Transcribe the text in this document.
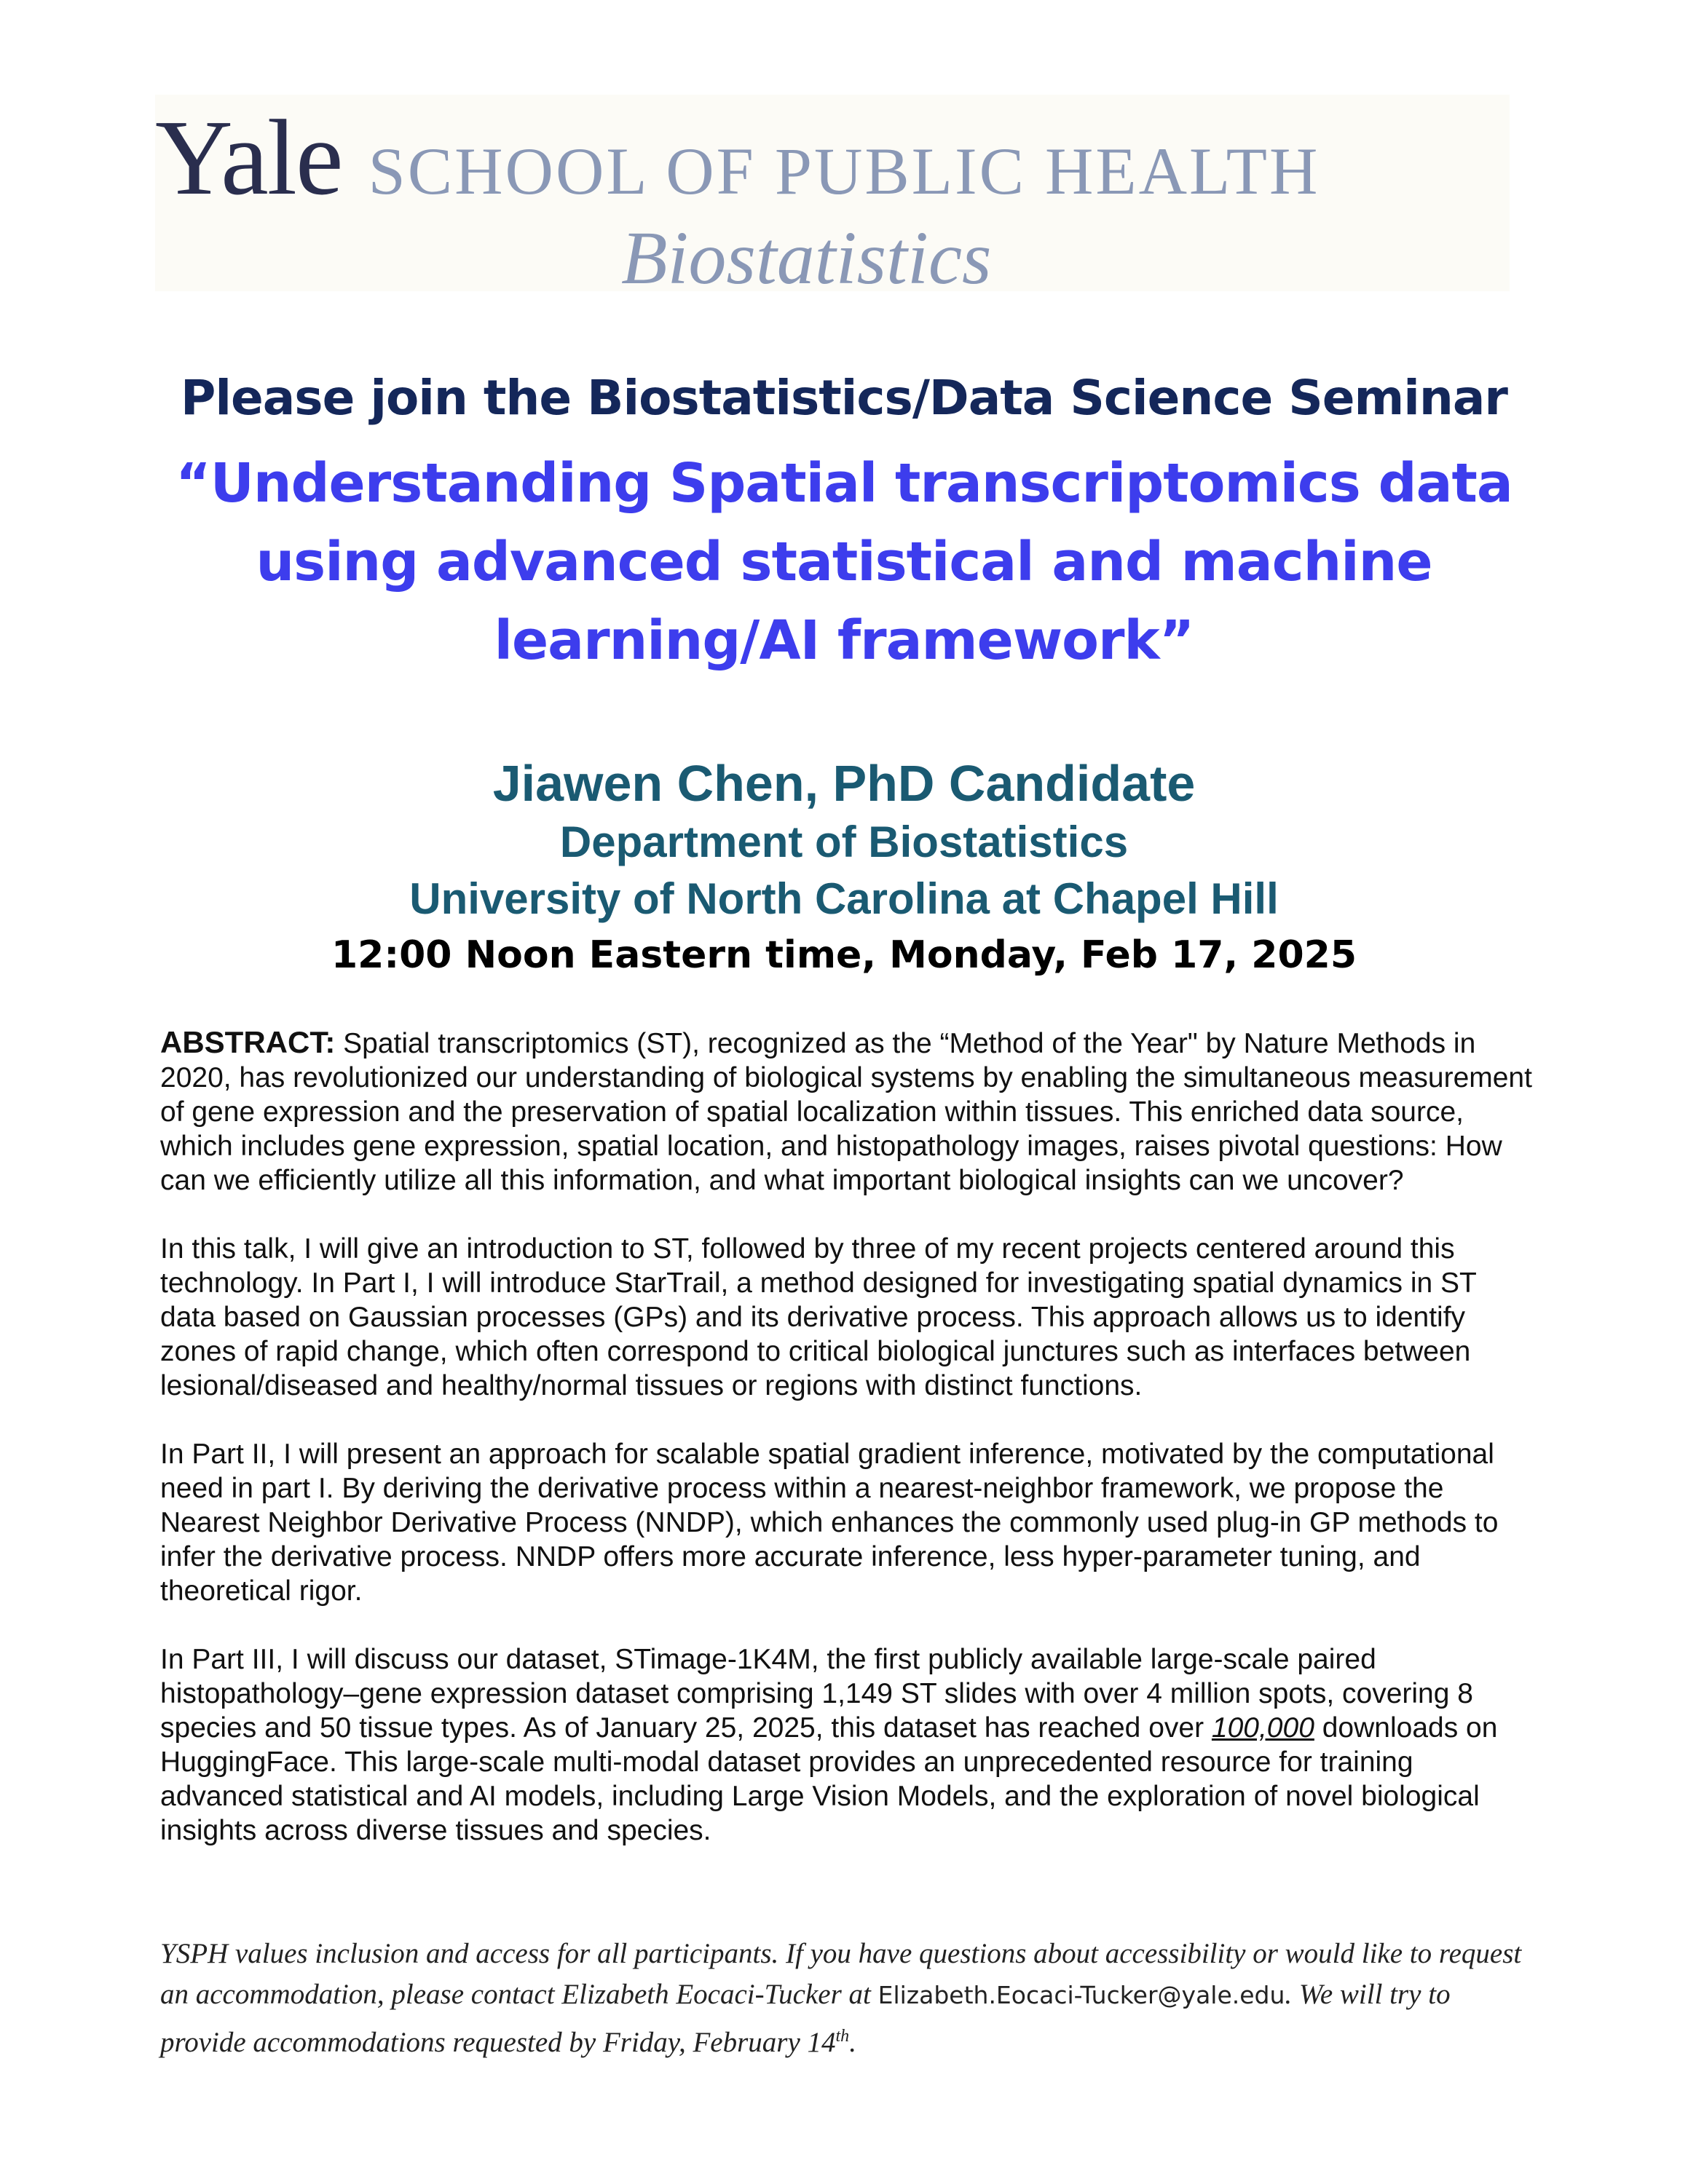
Yale SCHOOL OF PUBLIC HEALTH
Biostatistics
Please join the Biostatistics/Data Science Seminar
“Understanding Spatial transcriptomics data
using advanced statistical and machine
learning/AI framework”
Jiawen Chen, PhD Candidate
Department of Biostatistics
University of North Carolina at Chapel Hill
12:00 Noon Eastern time, Monday, Feb 17, 2025

ABSTRACT: Spatial transcriptomics (ST), recognized as the “Method of the Year" by Nature Methods in 2020, has revolutionized our understanding of biological systems by enabling the simultaneous measurement of gene expression and the preservation of spatial localization within tissues. This enriched data source, which includes gene expression, spatial location, and histopathology images, raises pivotal questions: How can we efficiently utilize all this information, and what important biological insights can we uncover?

In this talk, I will give an introduction to ST, followed by three of my recent projects centered around this technology. In Part I, I will introduce StarTrail, a method designed for investigating spatial dynamics in ST data based on Gaussian processes (GPs) and its derivative process. This approach allows us to identify zones of rapid change, which often correspond to critical biological junctures such as interfaces between lesional/diseased and healthy/normal tissues or regions with distinct functions.

In Part II, I will present an approach for scalable spatial gradient inference, motivated by the computational need in part I. By deriving the derivative process within a nearest-neighbor framework, we propose the Nearest Neighbor Derivative Process (NNDP), which enhances the commonly used plug-in GP methods to infer the derivative process. NNDP offers more accurate inference, less hyper-parameter tuning, and theoretical rigor.

In Part III, I will discuss our dataset, STimage-1K4M, the first publicly available large-scale paired histopathology–gene expression dataset comprising 1,149 ST slides with over 4 million spots, covering 8 species and 50 tissue types. As of January 25, 2025, this dataset has reached over 100,000 downloads on HuggingFace. This large-scale multi-modal dataset provides an unprecedented resource for training advanced statistical and AI models, including Large Vision Models, and the exploration of novel biological insights across diverse tissues and species.

YSPH values inclusion and access for all participants. If you have questions about accessibility or would like to request an accommodation, please contact Elizabeth Eocaci-Tucker at Elizabeth.Eocaci-Tucker@yale.edu. We will try to provide accommodations requested by Friday, February 14th.
